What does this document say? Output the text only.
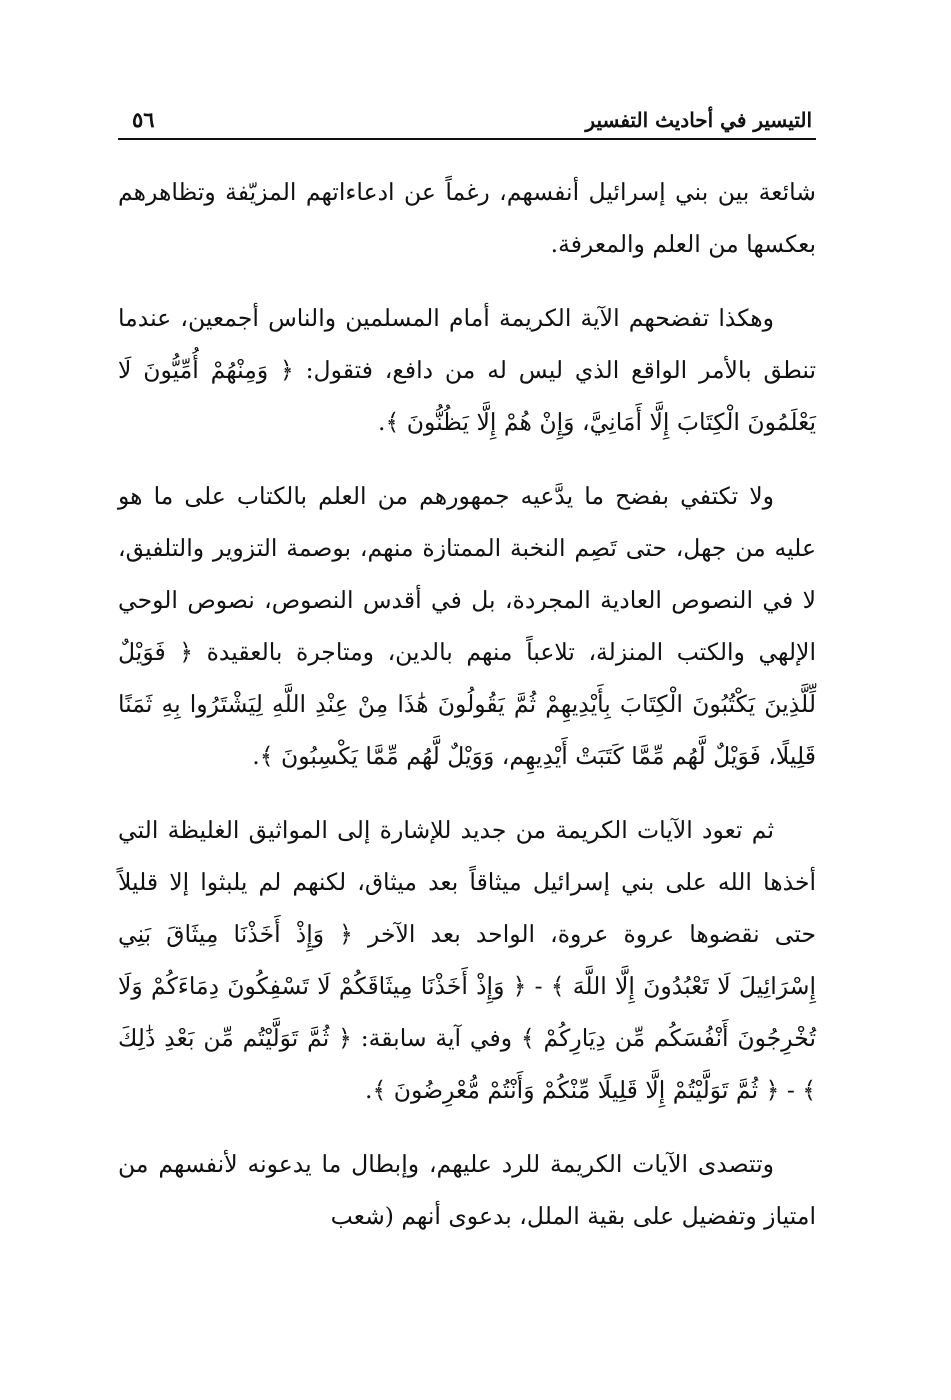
التيسير في أحاديث التفسير
٥٦

شائعة بين بني إسرائيل أنفسهم، رغماً عن ادعاءاتهم المزيّفة وتظاهرهم بعكسها من العلم والمعرفة.

وهكذا تفضحهم الآية الكريمة أمام المسلمين والناس أجمعين، عندما تنطق بالأمر الواقع الذي ليس له من دافع، فتقول: ﴿ وَمِنْهُمْ أُمِّيُّونَ لَا يَعْلَمُونَ الْكِتَابَ إِلَّا أَمَانِيَّ، وَإِنْ هُمْ إِلَّا يَظُنُّونَ ﴾.

ولا تكتفي بفضح ما يدَّعيه جمهورهم من العلم بالكتاب على ما هو عليه من جهل، حتى تَصِم النخبة الممتازة منهم، بوصمة التزوير والتلفيق، لا في النصوص العادية المجردة، بل في أقدس النصوص، نصوص الوحي الإلهي والكتب المنزلة، تلاعباً منهم بالدين، ومتاجرة بالعقيدة ﴿ فَوَيْلٌ لِّلَّذِينَ يَكْتُبُونَ الْكِتَابَ بِأَيْدِيهِمْ ثُمَّ يَقُولُونَ هَٰذَا مِنْ عِنْدِ اللَّهِ لِيَشْتَرُوا بِهِ ثَمَنًا قَلِيلًا، فَوَيْلٌ لَّهُم مِّمَّا كَتَبَتْ أَيْدِيهِم، وَوَيْلٌ لَّهُم مِّمَّا يَكْسِبُونَ ﴾.

ثم تعود الآيات الكريمة من جديد للإشارة إلى المواثيق الغليظة التي أخذها الله على بني إسرائيل ميثاقاً بعد ميثاق، لكنهم لم يلبثوا إلا قليلاً حتى نقضوها عروة عروة، الواحد بعد الآخر ﴿ وَإِذْ أَخَذْنَا مِيثَاقَ بَنِي إِسْرَائِيلَ لَا تَعْبُدُونَ إِلَّا اللَّهَ ﴾ - ﴿ وَإِذْ أَخَذْنَا مِيثَاقَكُمْ لَا تَسْفِكُونَ دِمَاءَكُمْ وَلَا تُخْرِجُونَ أَنْفُسَكُم مِّن دِيَارِكُمْ ﴾ وفي آية سابقة: ﴿ ثُمَّ تَوَلَّيْتُم مِّن بَعْدِ ذَٰلِكَ ﴾ - ﴿ ثُمَّ تَوَلَّيْتُمْ إِلَّا قَلِيلًا مِّنْكُمْ وَأَنْتُمْ مُّعْرِضُونَ ﴾.

وتتصدى الآيات الكريمة للرد عليهم، وإبطال ما يدعونه لأنفسهم من امتياز وتفضيل على بقية الملل، بدعوى أنهم (شعب
